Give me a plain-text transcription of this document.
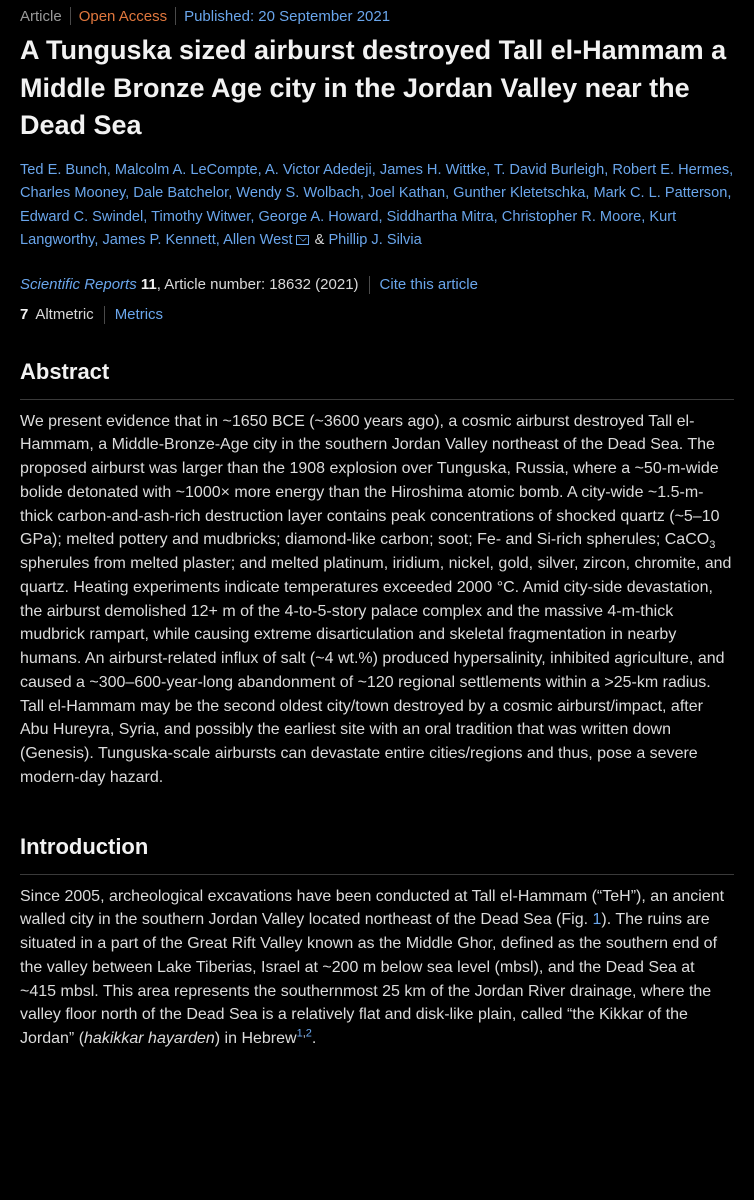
Article Open Access Published: 20 September 2021
A Tunguska sized airburst destroyed Tall el-Hammam a Middle Bronze Age city in the Jordan Valley near the Dead Sea
Ted E. Bunch, Malcolm A. LeCompte, A. Victor Adedeji, James H. Wittke, T. David Burleigh, Robert E. Hermes, Charles Mooney, Dale Batchelor, Wendy S. Wolbach, Joel Kathan, Gunther Kletetschka, Mark C. L. Patterson, Edward C. Swindel, Timothy Witwer, George A. Howard, Siddhartha Mitra, Christopher R. Moore, Kurt Langworthy, James P. Kennett, Allen West & Phillip J. Silvia
Scientific Reports
11 , Article number: 18632 (2021) Cite this article
7 Altmetric Metrics
Abstract

We present evidence that in ~1650 BCE (~3600 years ago), a cosmic airburst destroyed Tall el-Hammam, a Middle-Bronze-Age city in the southern Jordan Valley northeast of the Dead Sea. The proposed airburst was larger than the 1908 explosion over Tunguska, Russia, where a ~50-m-wide bolide detonated with ~1000× more energy than the Hiroshima atomic bomb. A city-wide ~1.5-m-thick carbon-and-ash-rich destruction layer contains peak concentrations of shocked quartz (~5–10 GPa); melted pottery and mudbricks; diamond-like carbon; soot; Fe- and Si-rich spherules; CaCO$_3$ spherules from melted plaster; and melted platinum, iridium, nickel, gold, silver, zircon, chromite, and quartz. Heating experiments indicate temperatures exceeded 2000 °C. Amid city-side devastation, the airburst demolished 12+ m of the 4-to-5-story palace complex and the massive 4-m-thick mudbrick rampart, while causing extreme disarticulation and skeletal fragmentation in nearby humans. An airburst-related influx of salt (~4 wt.%) produced hypersalinity, inhibited agriculture, and caused a ~300–600-year-long abandonment of ~120 regional settlements within a >25-km radius. Tall el-Hammam may be the second oldest city/town destroyed by a cosmic airburst/impact, after Abu Hureyra, Syria, and possibly the earliest site with an oral tradition that was written down (Genesis). Tunguska-scale airbursts can devastate entire cities/regions and thus, pose a severe modern-day hazard.

Introduction

Since 2005, archeological excavations have been conducted at Tall el-Hammam (“TeH”), an ancient walled city in the southern Jordan Valley located northeast of the Dead Sea (Fig. 1). The ruins are situated in a part of the Great Rift Valley known as the Middle Ghor, defined as the southern end of the valley between Lake Tiberias, Israel at ~200 m below sea level (mbsl), and the Dead Sea at ~415 mbsl. This area represents the southernmost 25 km of the Jordan River drainage, where the valley floor north of the Dead Sea is a relatively flat and disk-like plain, called “the Kikkar of the Jordan” (hakikkar hayarden) in Hebrew$^{1,2}$.
